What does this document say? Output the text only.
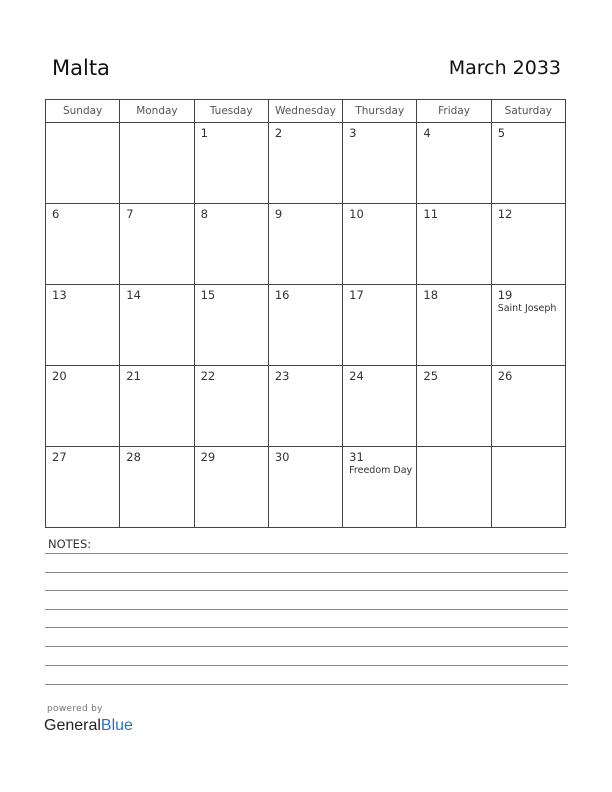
Malta	March 2033
Sunday	Monday	Tuesday	Wednesday	Thursday	Friday	Saturday

		1	2	3	4	5

6	7	8	9	10	11	12

13	14	15	16	17	18	19
Saint Joseph

20	21	22	23	24	25	26

27	28	29	30	31
Freedom Day		

NOTES:
powered by
GeneralBlue
